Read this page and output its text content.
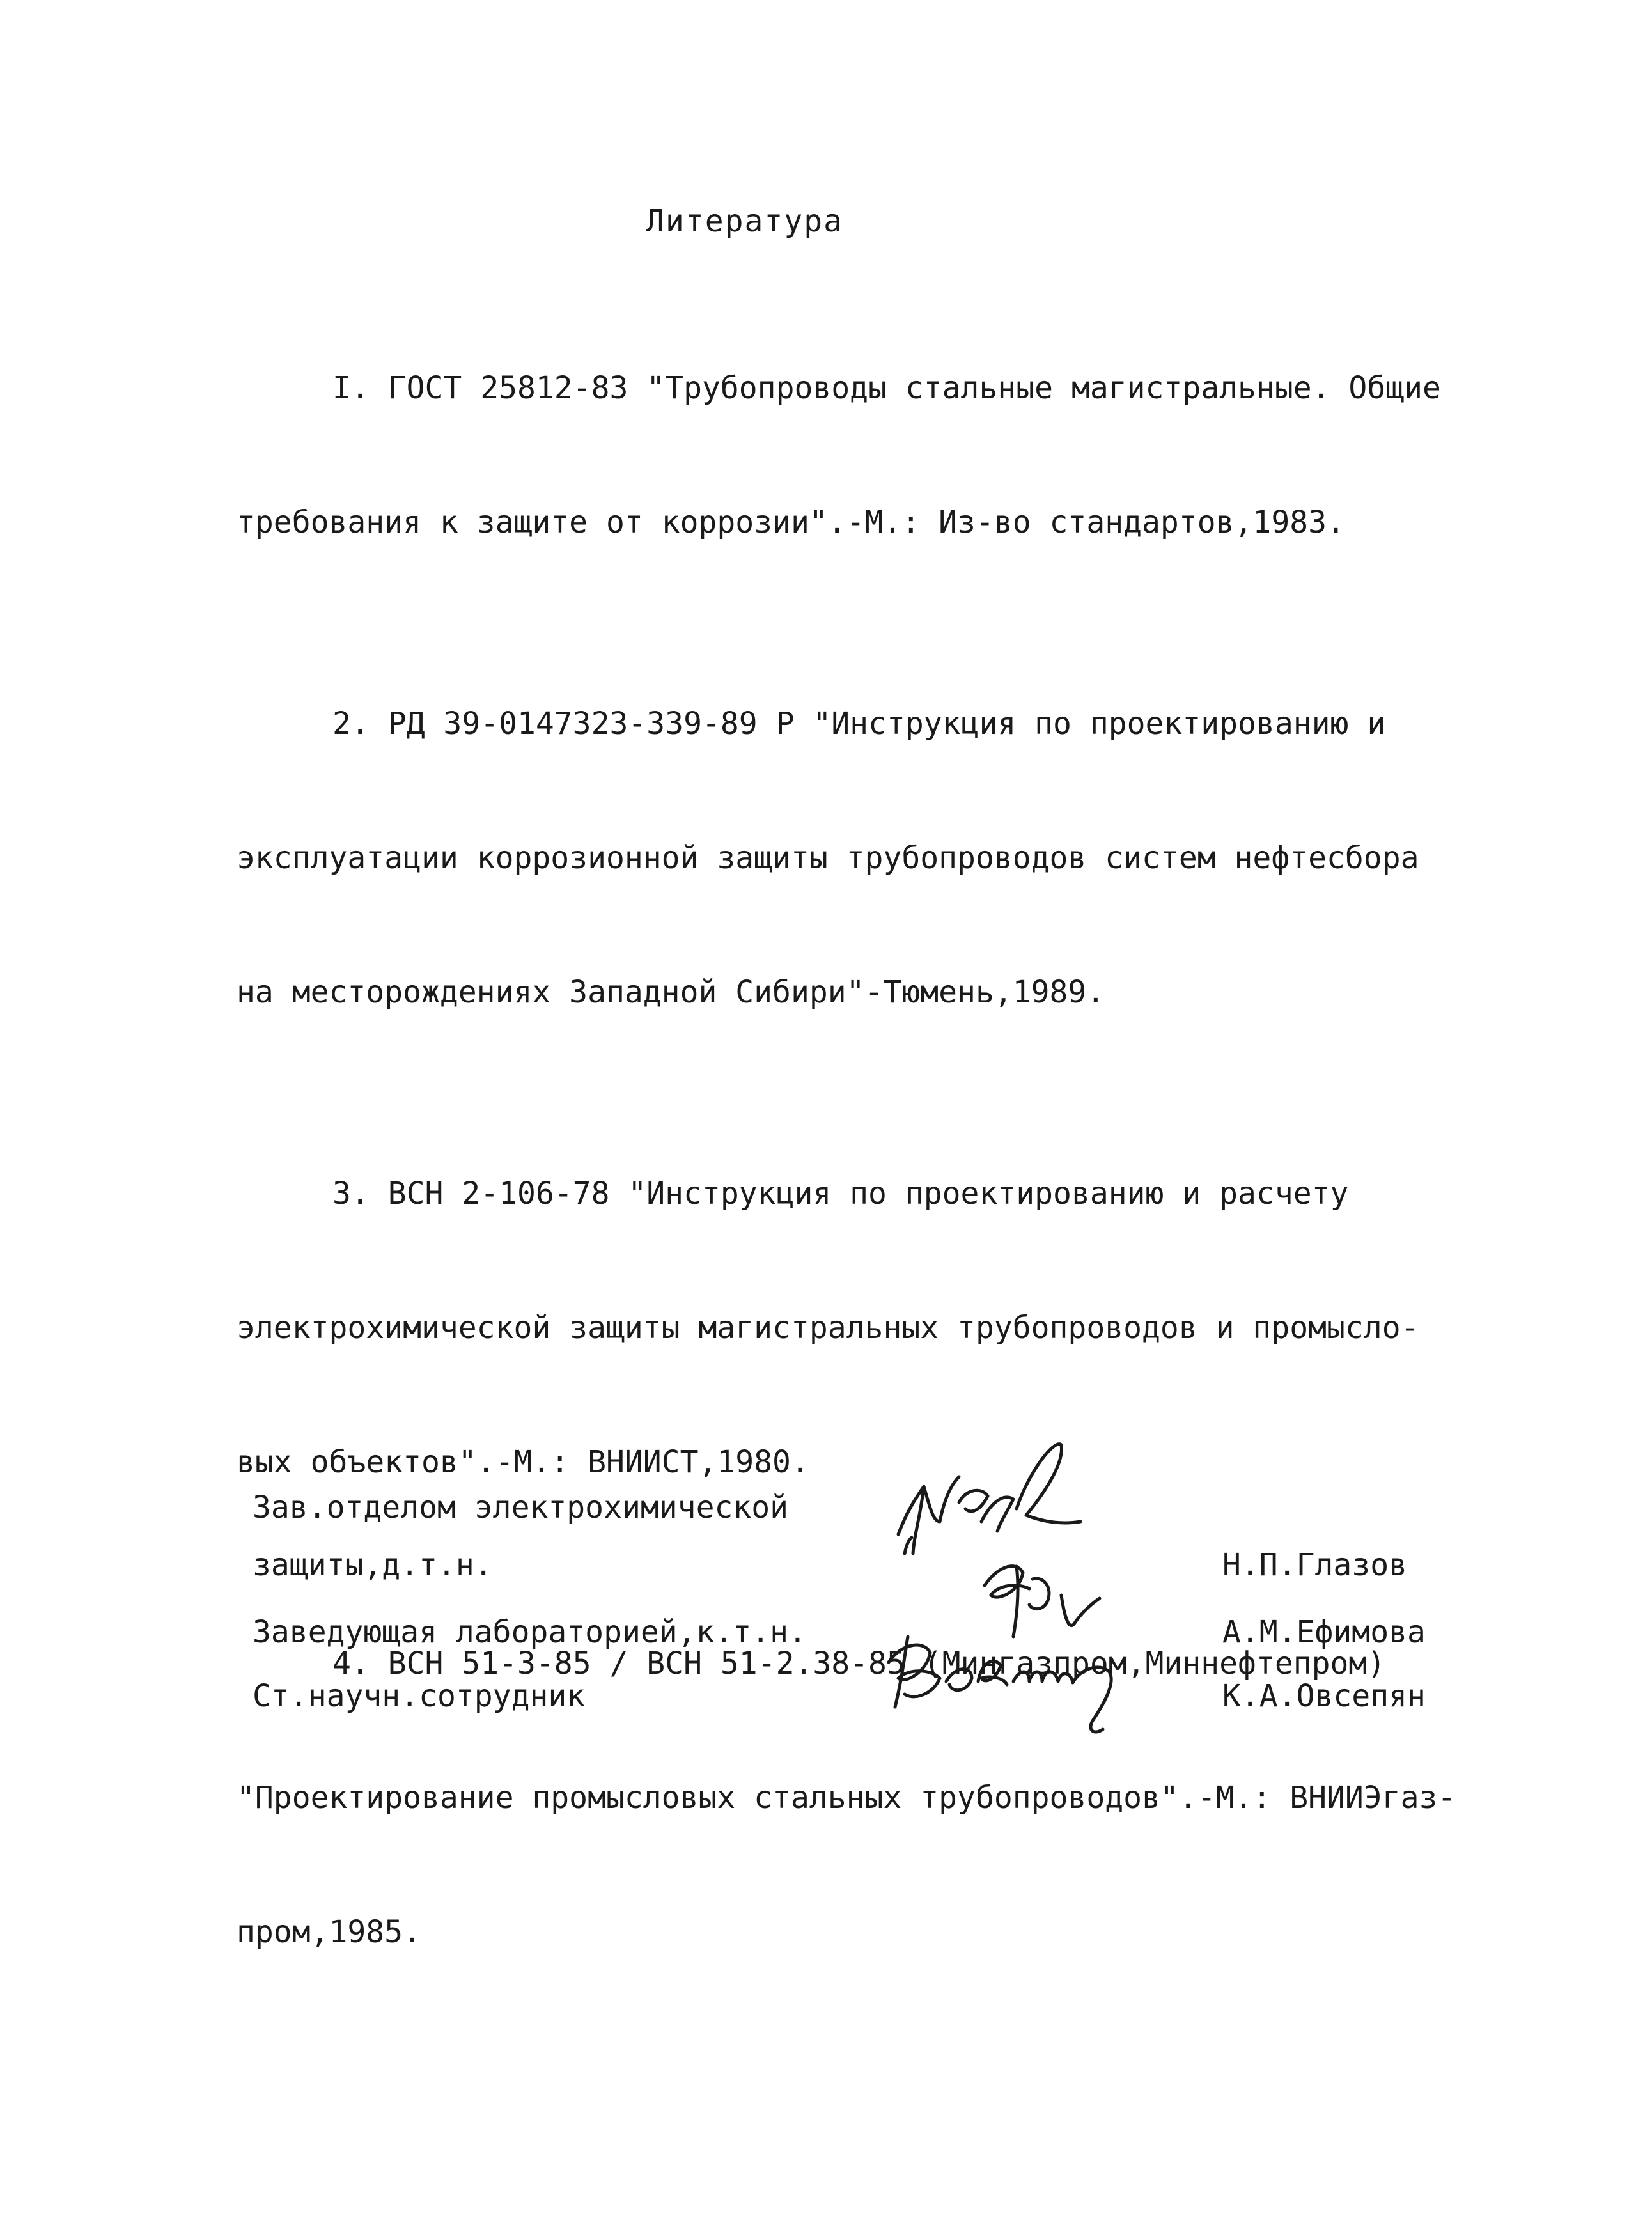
Литература

I. ГОСТ 25812-83 "Трубопроводы стальные магистральные. Общие

требования к защите от коррозии".-М.: Из-во стандартов,1983.

2. РД 39-0147323-339-89 Р "Инструкция по проектированию и

эксплуатации коррозионной защиты трубопроводов систем нефтесбора

на месторождениях Западной Сибири"-Тюмень,1989.

3. ВСН 2-106-78 "Инструкция по проектированию и расчету

электрохимической защиты магистральных трубопроводов и промысло-

вых объектов".-М.: ВНИИСТ,1980.

4. ВСН 51-3-85 / ВСН 51-2.38-85 (Мингазпром,Миннефтепром)

"Проектирование промысловых стальных трубопроводов".-М.: ВНИИЭгаз-

пром,1985.

Зав.отделом электрохимической
защиты,д.т.н.
Заведующая лабораторией,к.т.н.
Ст.научн.сотрудник
Н.П.Глазов
А.М.Ефимова
К.А.Овсепян
